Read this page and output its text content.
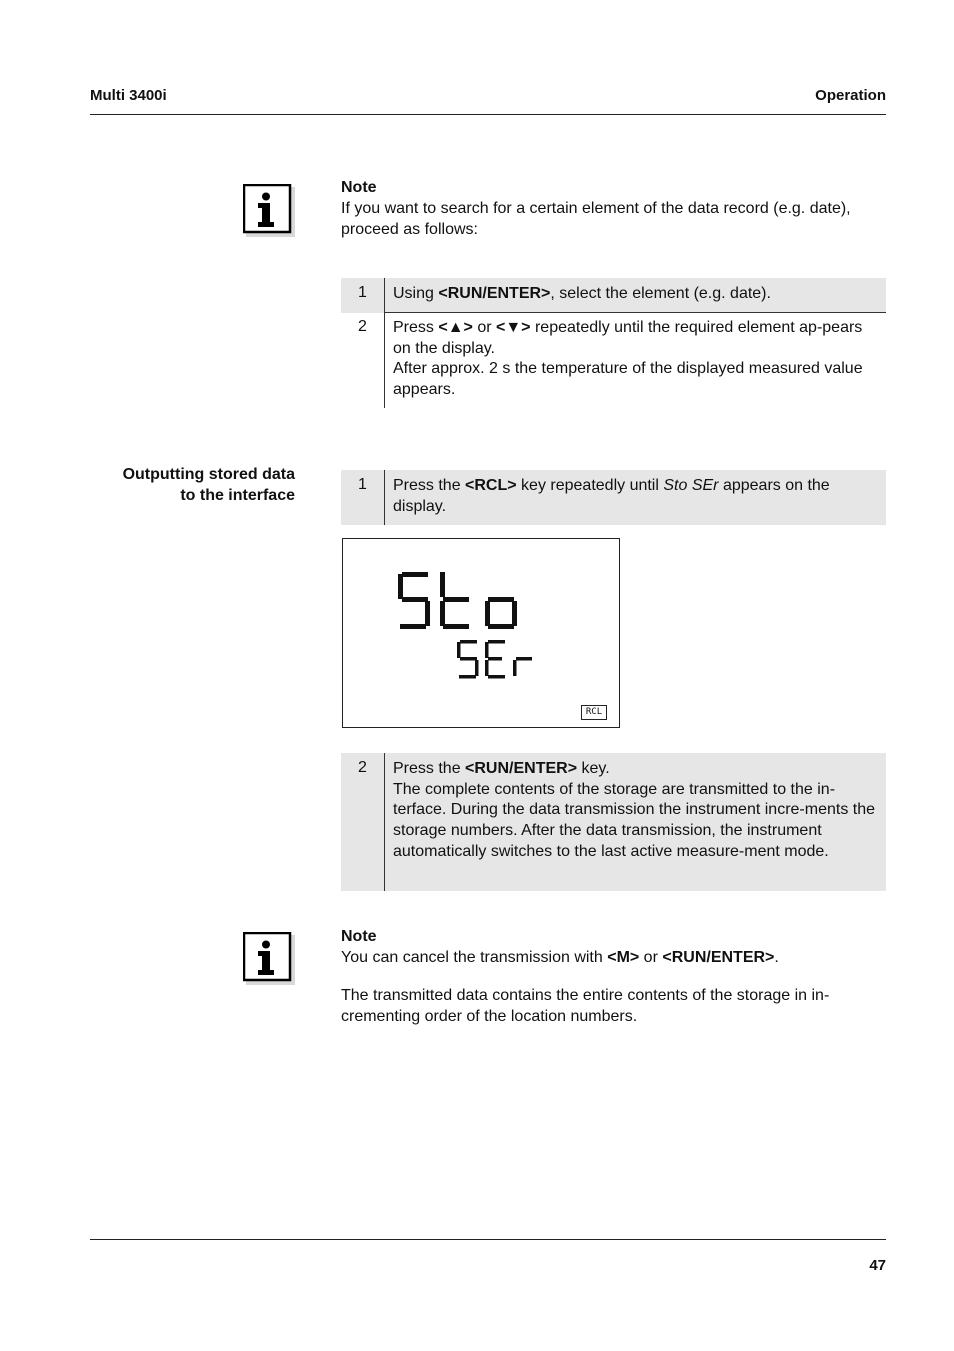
Multi 3400i	Operation
Note
If you want to search for a certain element of the data record (e.g. date), proceed as follows:
1	Using <RUN/ENTER>, select the element (e.g. date).
2	Press <▲> or <▼> repeatedly until the required element ap-pears on the display.
After approx. 2 s the temperature of the displayed measured value appears.
Outputting stored data
to the interface
1	Press the <RCL> key repeatedly until Sto SEr appears on the display.
RCL
2	Press the <RUN/ENTER> key.
The complete contents of the storage are transmitted to the in-terface. During the data transmission the instrument incre-ments the storage numbers. After the data transmission, the instrument automatically switches to the last active measure-ment mode.
Note
You can cancel the transmission with <M> or <RUN/ENTER>.
The transmitted data contains the entire contents of the storage in in-crementing order of the location numbers.
47
